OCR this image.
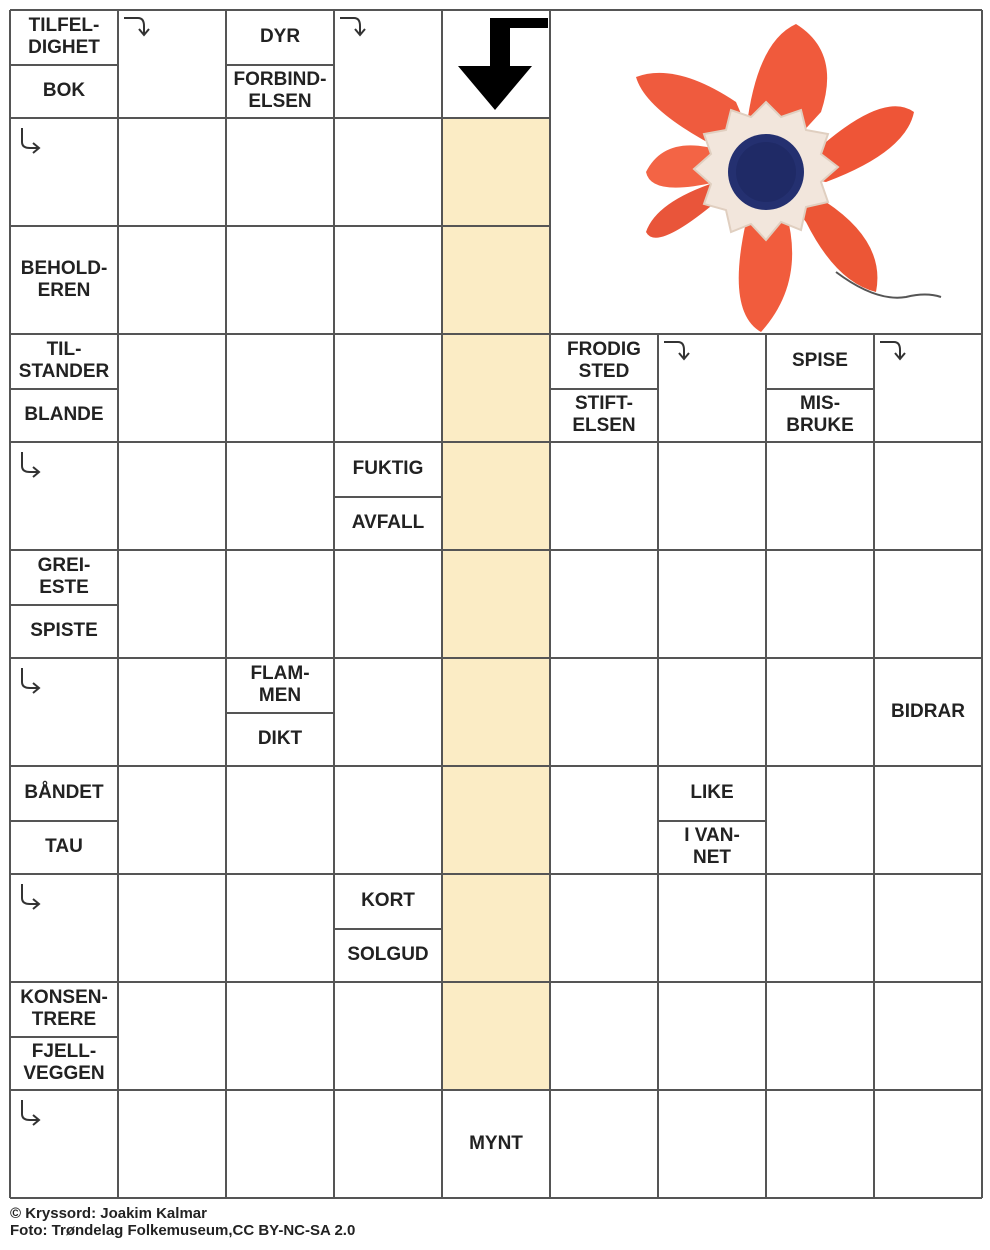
TILFEL-
DIGHET
BOK
DYR
FORBIND-
ELSEN
BEHOLD-
EREN
TIL-
STANDER
BLANDE
FRODIG
STED
STIFT-
ELSEN
SPISE
MIS-
BRUKE
FUKTIG
AVFALL
GREI-
ESTE
SPISTE
FLAM-
MEN
DIKT
BIDRAR
BÅNDET
TAU
LIKE
I VAN-
NET
KORT
SOLGUD
KONSEN-
TRERE
FJELL-
VEGGEN
MYNT
© Kryssord: Joakim Kalmar
Foto: Trøndelag Folkemuseum,CC BY-NC-SA 2.0
